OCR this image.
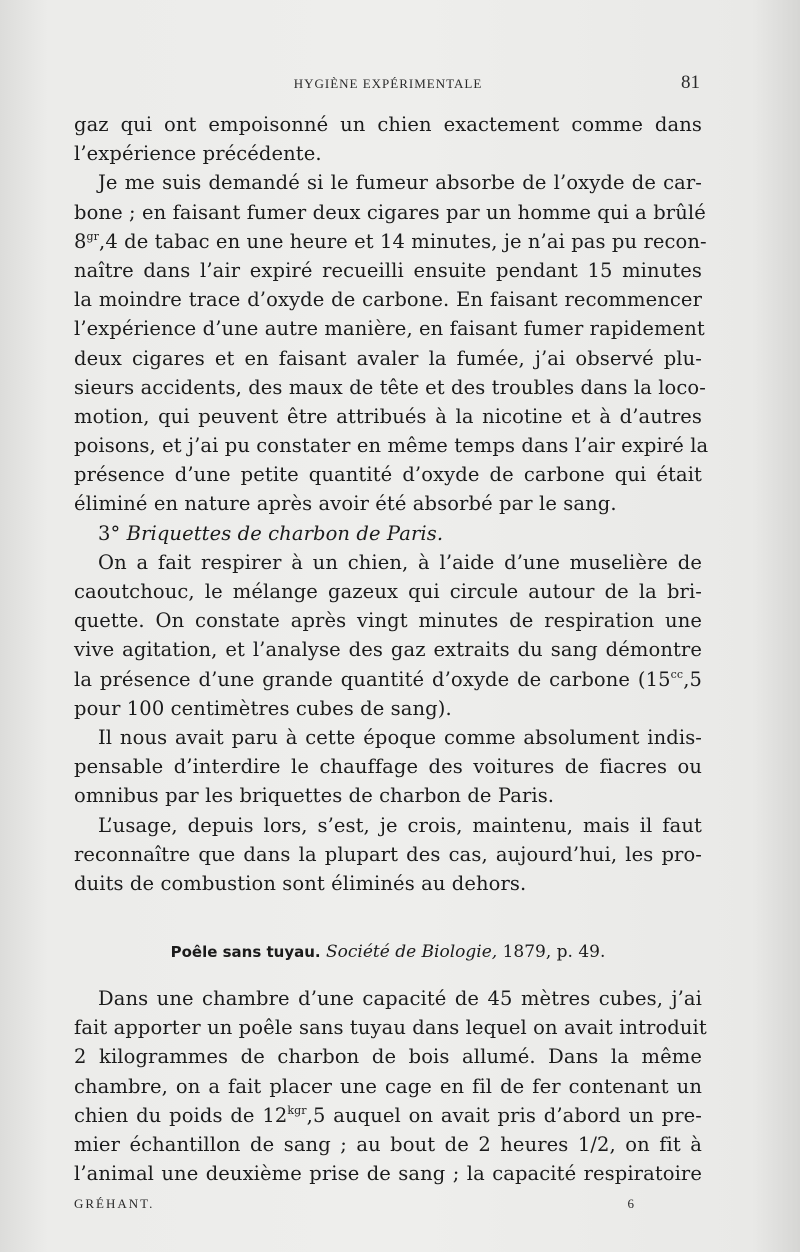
HYGIÈNE EXPÉRIMENTALE	81
gaz qui ont empoisonné un chien exactement comme dans
l’expérience précédente.
Je me suis demandé si le fumeur absorbe de l’oxyde de car-
bone ; en faisant fumer deux cigares par un homme qui a brûlé
$8^{gr},4$ de tabac en une heure et 14 minutes, je n’ai pas pu recon-
naître dans l’air expiré recueilli ensuite pendant 15 minutes
la moindre trace d’oxyde de carbone. En faisant recommencer
l’expérience d’une autre manière, en faisant fumer rapidement
deux cigares et en faisant avaler la fumée, j’ai observé plu-
sieurs accidents, des maux de tête et des troubles dans la loco-
motion, qui peuvent être attribués à la nicotine et à d’autres
poisons, et j’ai pu constater en même temps dans l’air expiré la
présence d’une petite quantité d’oxyde de carbone qui était
éliminé en nature après avoir été absorbé par le sang.
3° Briquettes de charbon de Paris.
On a fait respirer à un chien, à l’aide d’une muselière de
caoutchouc, le mélange gazeux qui circule autour de la bri-
quette. On constate après vingt minutes de respiration une
vive agitation, et l’analyse des gaz extraits du sang démontre
la présence d’une grande quantité d’oxyde de carbone ($15^{cc},5$
pour 100 centimètres cubes de sang).
Il nous avait paru à cette époque comme absolument indis-
pensable d’interdire le chauffage des voitures de fiacres ou
omnibus par les briquettes de charbon de Paris.
L’usage, depuis lors, s’est, je crois, maintenu, mais il faut
reconnaître que dans la plupart des cas, aujourd’hui, les pro-
duits de combustion sont éliminés au dehors.
Poêle sans tuyau. Société de Biologie, 1879, p. 49.
Dans une chambre d’une capacité de 45 mètres cubes, j’ai
fait apporter un poêle sans tuyau dans lequel on avait introduit
2 kilogrammes de charbon de bois allumé. Dans la même
chambre, on a fait placer une cage en fil de fer contenant un
chien du poids de $12^{kgr},5$ auquel on avait pris d’abord un pre-
mier échantillon de sang ; au bout de 2 heures 1/2, on fit à
l’animal une deuxième prise de sang ; la capacité respiratoire
GRÉHANT.	6
